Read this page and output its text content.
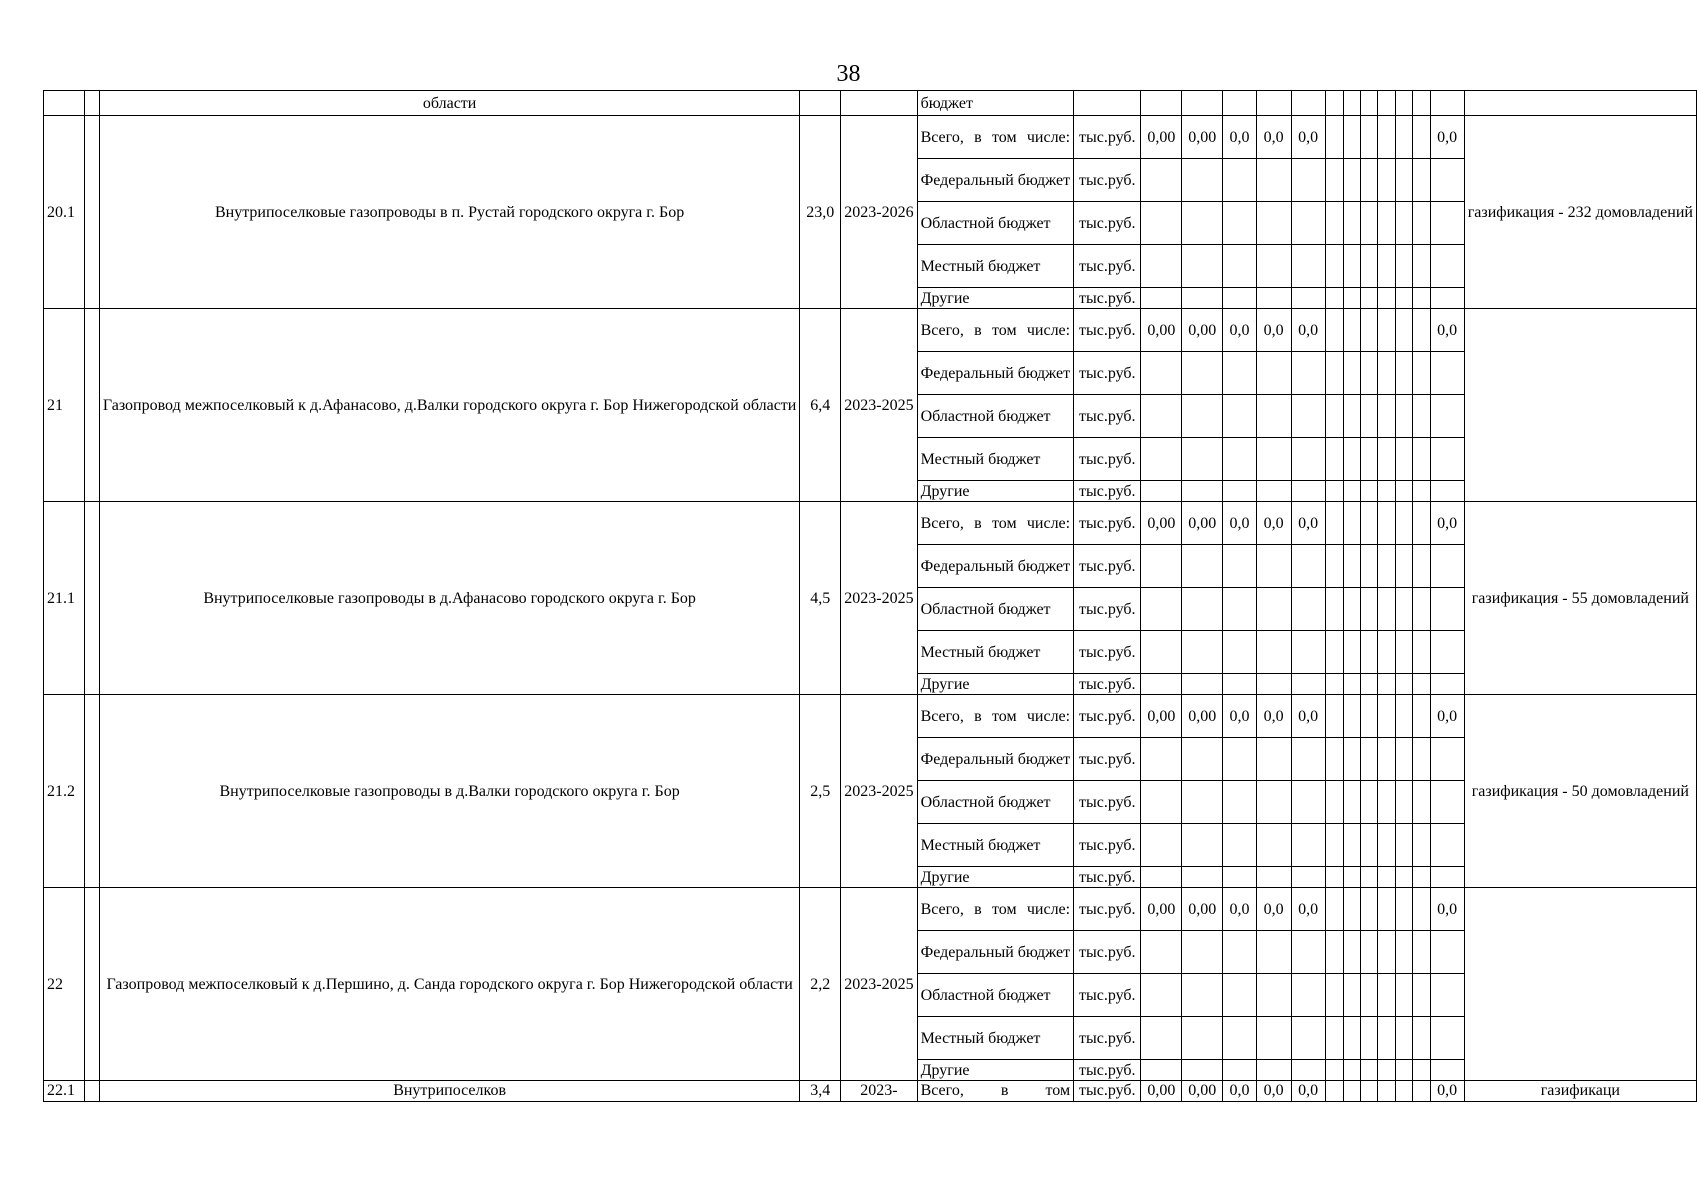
38
		области			бюджет														
20.1		Внутрипоселковые газопроводы в п. Рустай городского округа г. Бор	23,0	2023-2026	Всего, в том числе:	тыс.руб.	0,00	0,00	0,0	0,0	0,0							0,0	газификация - 232 домовладений
					Федеральный бюджет	тыс.руб.													
					Областной бюджет	тыс.руб.													
					Местный бюджет	тыс.руб.													
					Другие	тыс.руб.													
21		Газопровод межпоселковый к д.Афанасово, д.Валки городского округа г. Бор Нижегородской области	6,4	2023-2025	Всего, в том числе:	тыс.руб.	0,00	0,00	0,0	0,0	0,0							0,0	
					Федеральный бюджет	тыс.руб.													
					Областной бюджет	тыс.руб.													
					Местный бюджет	тыс.руб.													
					Другие	тыс.руб.													
21.1		Внутрипоселковые газопроводы в д.Афанасово городского округа г. Бор	4,5	2023-2025	Всего, в том числе:	тыс.руб.	0,00	0,00	0,0	0,0	0,0							0,0	газификация - 55 домовладений
					Федеральный бюджет	тыс.руб.													
					Областной бюджет	тыс.руб.													
					Местный бюджет	тыс.руб.													
					Другие	тыс.руб.													
21.2		Внутрипоселковые газопроводы в д.Валки городского округа г. Бор	2,5	2023-2025	Всего, в том числе:	тыс.руб.	0,00	0,00	0,0	0,0	0,0							0,0	газификация - 50 домовладений
					Федеральный бюджет	тыс.руб.													
					Областной бюджет	тыс.руб.													
					Местный бюджет	тыс.руб.													
					Другие	тыс.руб.													
22		Газопровод межпоселковый к д.Першино, д. Санда городского округа г. Бор Нижегородской области	2,2	2023-2025	Всего, в том числе:	тыс.руб.	0,00	0,00	0,0	0,0	0,0							0,0	
					Федеральный бюджет	тыс.руб.													
					Областной бюджет	тыс.руб.													
					Местный бюджет	тыс.руб.													
					Другие	тыс.руб.													
22.1		Внутрипоселков	3,4	2023-	Всего, в том	тыс.руб.	0,00	0,00	0,0	0,0	0,0							0,0	газификаци
